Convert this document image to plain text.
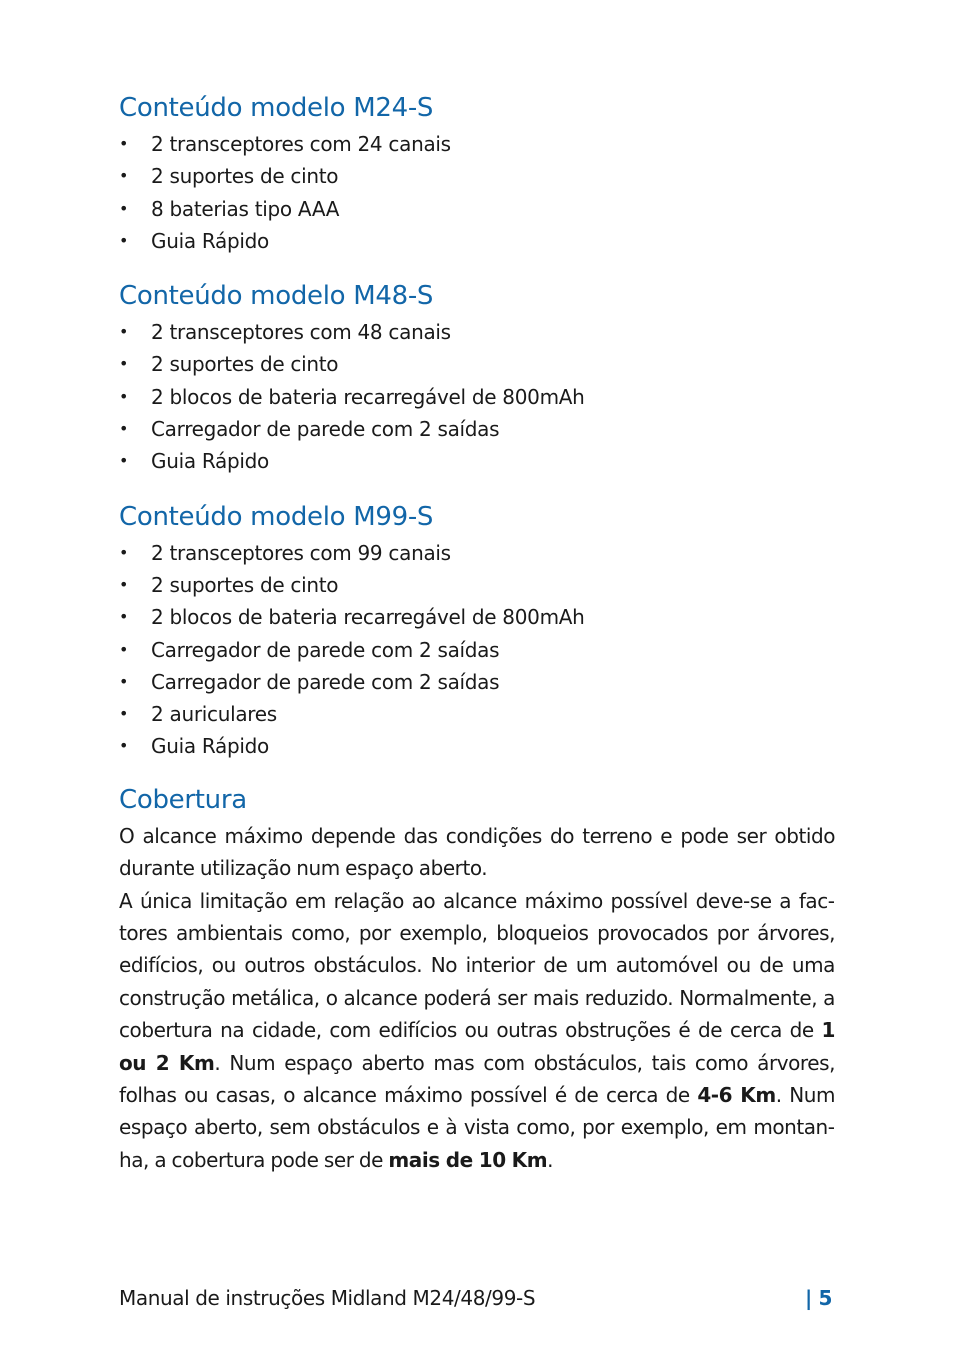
Conteúdo modelo M24-S
• 2 transceptores com 24 canais
• 2 suportes de cinto
• 8 baterias tipo AAA
• Guia Rápido
Conteúdo modelo M48-S
• 2 transceptores com 48 canais
• 2 suportes de cinto
• 2 blocos de bateria recarregável de 800mAh
• Carregador de parede com 2 saídas
• Guia Rápido
Conteúdo modelo M99-S
• 2 transceptores com 99 canais
• 2 suportes de cinto
• 2 blocos de bateria recarregável de 800mAh
• Carregador de parede com 2 saídas
• Carregador de parede com 2 saídas
• 2 auriculares
• Guia Rápido
Cobertura

O alcance máximo depende das condições do terreno e pode ser obtido durante utilização num espaço aberto.

A única limitação em relação ao alcance máximo possível deve-se a factores ambientais como, por exemplo, bloqueios provocados por árvores, edifícios, ou outros obstáculos. No interior de um automóvel ou de uma construção metálica, o alcance poderá ser mais reduzido. Normalmente, a cobertura na cidade, com edifícios ou outras obstruções é de cerca de 1 ou 2 Km. Num espaço aberto mas com obstáculos, tais como árvores, folhas ou casas, o alcance máximo possível é de cerca de 4-6 Km. Num espaço aberto, sem obstáculos e à vista como, por exemplo, em montanha, a cobertura pode ser de mais de 10 Km.

Manual de instruções Midland M24/48/99-S	| 5
